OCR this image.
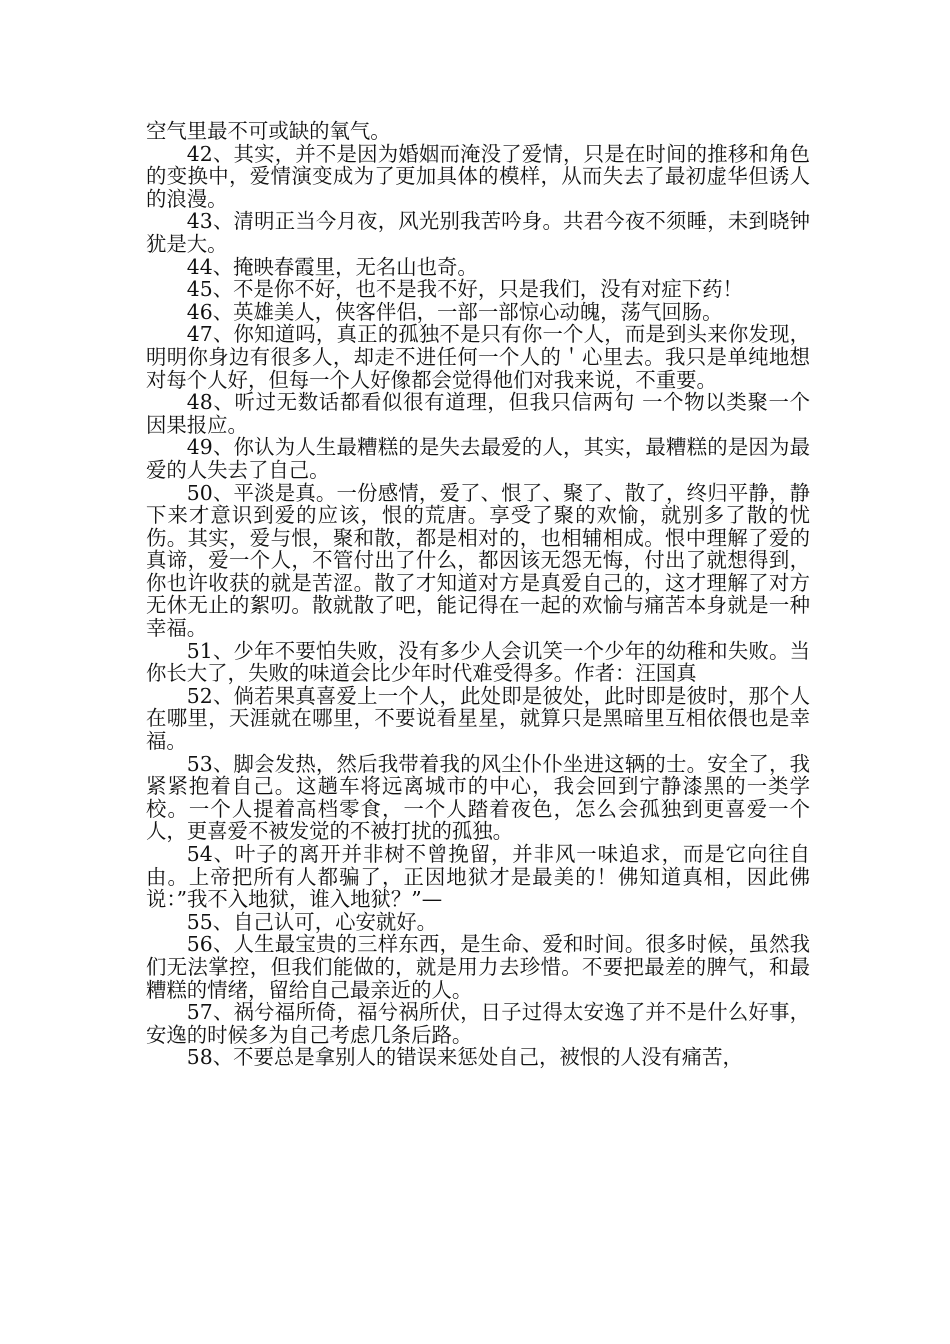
空气里最不可或缺的氧气。

42、其实，并不是因为婚姻而淹没了爱情，只是在时间的推移和角色的变换中，爱情演变成为了更加具体的模样，从而失去了最初虚华但诱人的浪漫。

43、清明正当今月夜，风光别我苦吟身。共君今夜不须睡，未到晓钟犹是大。

44、掩映春霞里，无名山也奇。

45、不是你不好，也不是我不好，只是我们，没有对症下药！

46、英雄美人，侠客伴侣，一部一部惊心动魄，荡气回肠。

47、你知道吗，真正的孤独不是只有你一个人，而是到头来你发现，明明你身边有很多人，却走不进任何一个人的＇心里去。我只是单纯地想对每个人好，但每一个人好像都会觉得他们对我来说，不重要。

48、听过无数话都看似很有道理，但我只信两句 一个物以类聚一个因果报应。

49、你认为人生最糟糕的是失去最爱的人，其实，最糟糕的是因为最爱的人失去了自己。

50、平淡是真。一份感情，爱了、恨了、聚了、散了，终归平静，静下来才意识到爱的应该，恨的荒唐。享受了聚的欢愉，就别多了散的忧伤。其实，爱与恨，聚和散，都是相对的，也相辅相成。恨中理解了爱的真谛，爱一个人，不管付出了什么，都因该无怨无悔，付出了就想得到，你也许收获的就是苦涩。散了才知道对方是真爱自己的，这才理解了对方无休无止的絮叨。散就散了吧，能记得在一起的欢愉与痛苦本身就是一种幸福。

51、少年不要怕失败，没有多少人会讥笑一个少年的幼稚和失败。当你长大了，失败的味道会比少年时代难受得多。作者：汪国真

52、倘若果真喜爱上一个人，此处即是彼处，此时即是彼时，那个人在哪里，天涯就在哪里，不要说看星星，就算只是黑暗里互相依偎也是幸福。

53、脚会发热，然后我带着我的风尘仆仆坐进这辆的士。安全了，我紧紧抱着自己。这趟车将远离城市的中心，我会回到宁静漆黑的一类学校。一个人提着高档零食，一个人踏着夜色，怎么会孤独到更喜爱一个人，更喜爱不被发觉的不被打扰的孤独。

54、叶子的离开并非树不曾挽留，并非风一味追求，而是它向往自由。上帝把所有人都骗了，正因地狱才是最美的！佛知道真相，因此佛说：”我不入地狱，谁入地狱？”—

55、自己认可，心安就好。

56、人生最宝贵的三样东西，是生命、爱和时间。很多时候，虽然我们无法掌控，但我们能做的，就是用力去珍惜。不要把最差的脾气，和最糟糕的情绪，留给自己最亲近的人。

57、祸兮福所倚，福兮祸所伏，日子过得太安逸了并不是什么好事，安逸的时候多为自己考虑几条后路。

58、不要总是拿别人的错误来惩处自己，被恨的人没有痛苦，
